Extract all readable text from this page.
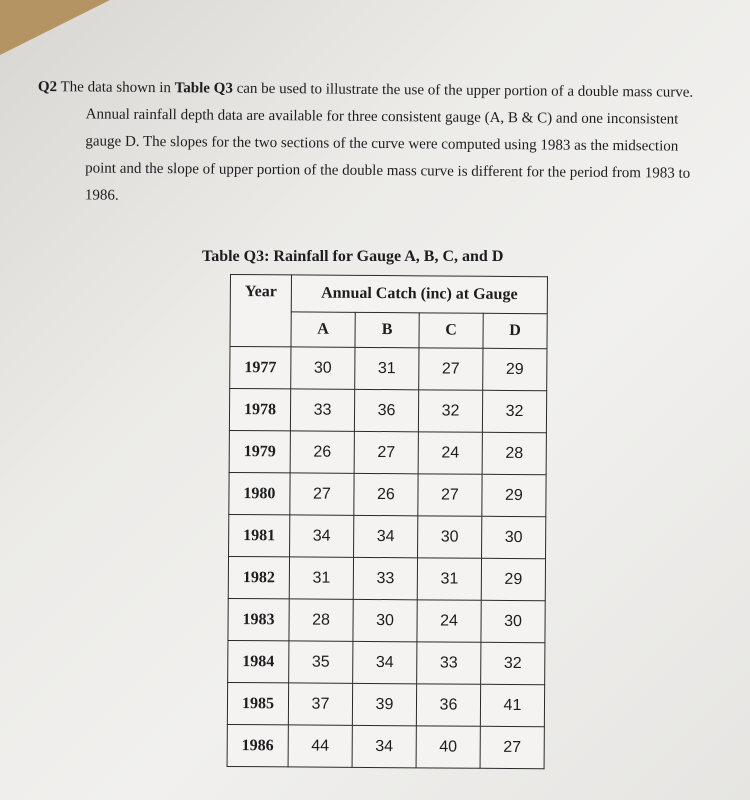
Q2 The data shown in Table Q3 can be used to illustrate the use of the upper portion of a double mass curve. Annual rainfall depth data are available for three consistent gauge (A, B & C) and one inconsistent gauge D. The slopes for the two sections of the curve were computed using 1983 as the midsection point and the slope of upper portion of the double mass curve is different for the period from 1983 to 1986.

Table Q3: Rainfall for Gauge A, B, C, and D
Year	Annual Catch (inc) at Gauge			
	A	B	C	D
1977	30	31	27	29
1978	33	36	32	32
1979	26	27	24	28
1980	27	26	27	29
1981	34	34	30	30
1982	31	33	31	29
1983	28	30	24	30
1984	35	34	33	32
1985	37	39	36	41
1986	44	34	40	27
